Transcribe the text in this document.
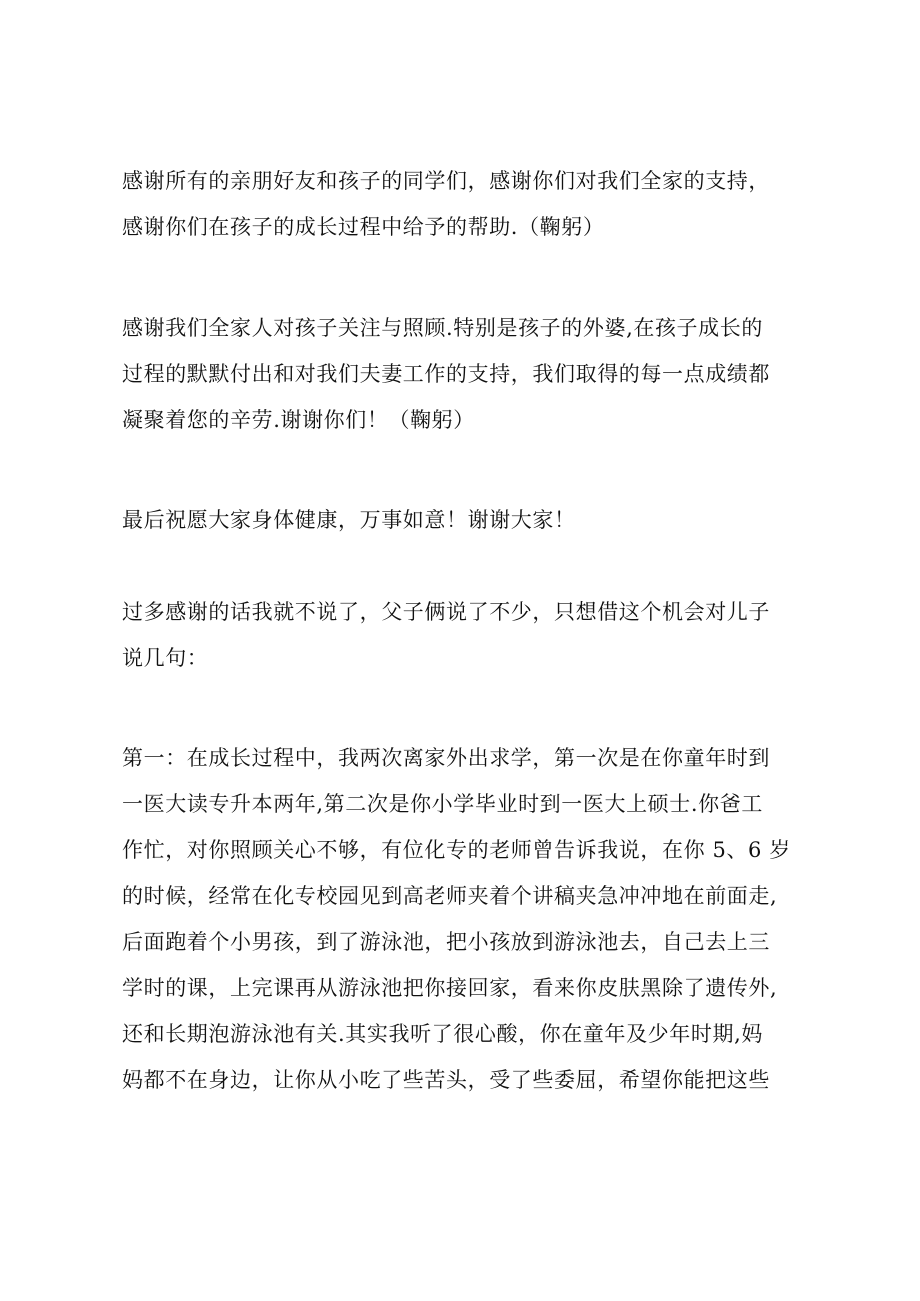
感谢所有的亲朋好友和孩子的同学们，感谢你们对我们全家的支持，
感谢你们在孩子的成长过程中给予的帮助.（鞠躬）
感谢我们全家人对孩子关注与照顾.特别是孩子的外婆,在孩子成长的
过程的默默付出和对我们夫妻工作的支持，我们取得的每一点成绩都
凝聚着您的辛劳.谢谢你们！（鞠躬）
最后祝愿大家身体健康，万事如意！谢谢大家！
过多感谢的话我就不说了，父子俩说了不少，只想借这个机会对儿子
说几句：
第一：在成长过程中，我两次离家外出求学，第一次是在你童年时到
一医大读专升本两年,第二次是你小学毕业时到一医大上硕士.你爸工
作忙，对你照顾关心不够，有位化专的老师曾告诉我说，在你 5、6 岁
的时候，经常在化专校园见到高老师夹着个讲稿夹急冲冲地在前面走,
后面跑着个小男孩，到了游泳池，把小孩放到游泳池去，自己去上三
学时的课，上完课再从游泳池把你接回家，看来你皮肤黑除了遗传外,
还和长期泡游泳池有关.其实我听了很心酸，你在童年及少年时期,妈
妈都不在身边，让你从小吃了些苦头，受了些委屈，希望你能把这些
